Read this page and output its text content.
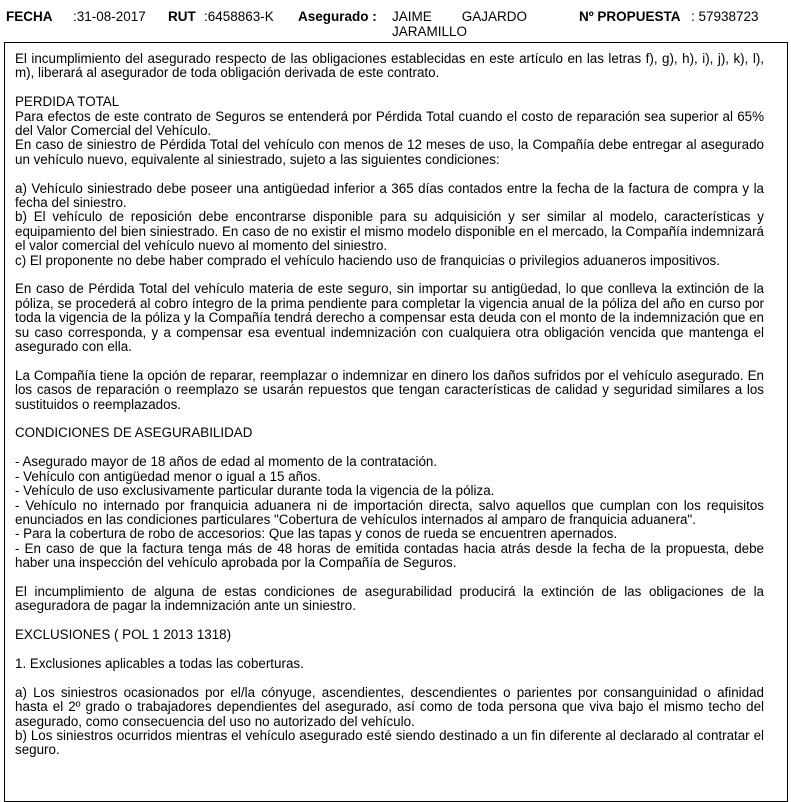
FECHA :31-08-2017 RUT :6458863-K Asegurado : JAIME        GAJARDO
JARAMILLO
Nº PROPUESTA : 57938723

El incumplimiento del asegurado respecto de las obligaciones establecidas en este artículo en las letras f), g), h), i), j), k), l), m), liberará al asegurador de toda obligación derivada de este contrato.

PERDIDA TOTAL
Para efectos de este contrato de Seguros se entenderá por Pérdida Total cuando el costo de reparación sea superior al 65% del Valor Comercial del Vehículo.

En caso de siniestro de Pérdida Total del vehículo con menos de 12 meses de uso, la Compañía debe entregar al asegurado un vehículo nuevo, equivalente al siniestrado, sujeto a las siguientes condiciones:

a) Vehículo siniestrado debe poseer una antigüedad inferior a 365 días contados entre la fecha de la factura de compra y la fecha del siniestro.
b) El vehículo de reposición debe encontrarse disponible para su adquisición y ser similar al modelo, características y equipamiento del bien siniestrado. En caso de no existir el mismo modelo disponible en el mercado, la Compañía indemnizará el valor comercial del vehículo nuevo al momento del siniestro.

c) El proponente no debe haber comprado el vehículo haciendo uso de franquicias o privilegios aduaneros impositivos.

En caso de Pérdida Total del vehículo materia de este seguro, sin importar su antigüedad, lo que conlleva la extinción de la póliza, se procederá al cobro íntegro de la prima pendiente para completar la vigencia anual de la póliza del año en curso por toda la vigencia de la póliza y la Compañía tendrá derecho a compensar esta deuda con el monto de la indemnización que en su caso corresponda, y a compensar esa eventual indemnización con cualquiera otra obligación vencida que mantenga el asegurado con ella.

La Compañía tiene la opción de reparar, reemplazar o indemnizar en dinero los daños sufridos por el vehículo asegurado. En los casos de reparación o reemplazo se usarán repuestos que tengan características de calidad y seguridad similares a los sustituidos o reemplazados.

CONDICIONES DE ASEGURABILIDAD

- Asegurado mayor de 18 años de edad al momento de la contratación.
- Vehículo con antigüedad menor o igual a 15 años.
- Vehículo de uso exclusivamente particular durante toda la vigencia de la póliza.
- Vehículo no internado por franquicia aduanera ni de importación directa, salvo aquellos que cumplan con los requisitos enunciados en las condiciones particulares "Cobertura de vehículos internados al amparo de franquicia aduanera".
- Para la cobertura de robo de accesorios: Que las tapas y conos de rueda se encuentren apernados.
- En caso de que la factura tenga más de 48 horas de emitida contadas hacia atrás desde la fecha de la propuesta, debe haber una inspección del vehículo aprobada por la Compañía de Seguros.

El incumplimiento de alguna de estas condiciones de asegurabilidad producirá la extinción de las obligaciones de la aseguradora de pagar la indemnización ante un siniestro.

EXCLUSIONES ( POL 1 2013 1318)

1. Exclusiones aplicables a todas las coberturas.

a) Los siniestros ocasionados por el/la cónyuge, ascendientes, descendientes o parientes por consanguinidad o afinidad hasta el 2º grado o trabajadores dependientes del asegurado, así como de toda persona que viva bajo el mismo techo del asegurado, como consecuencia del uso no autorizado del vehículo.
b) Los siniestros ocurridos mientras el vehículo asegurado esté siendo destinado a un fin diferente al declarado al contratar el seguro.
